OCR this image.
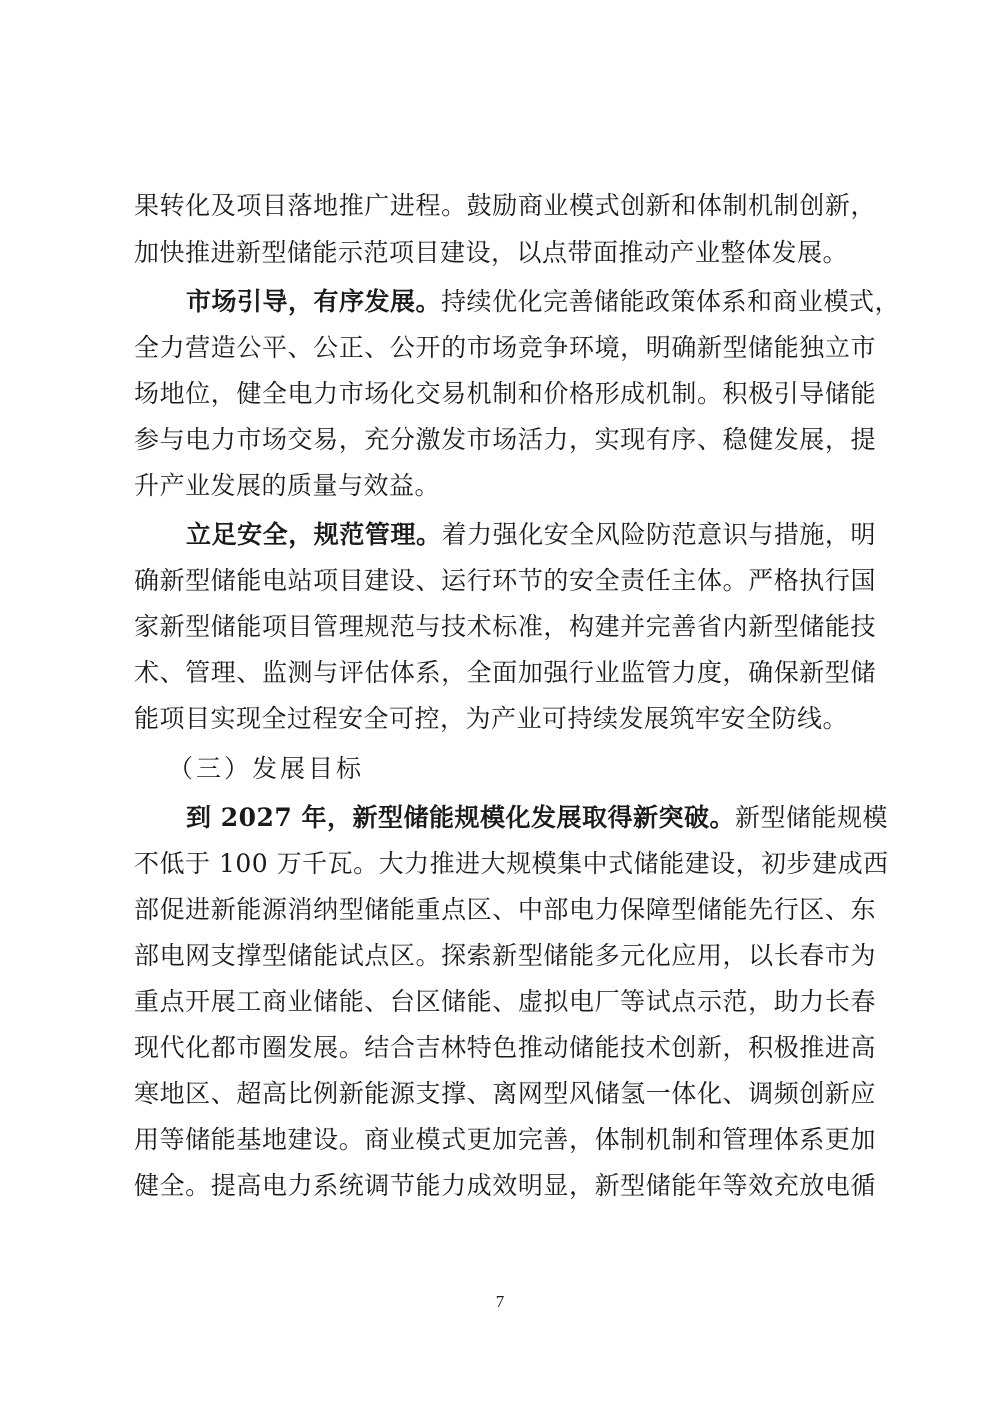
果转化及项目落地推广进程。鼓励商业模式创新和体制机制创新，
加快推进新型储能示范项目建设，以点带面推动产业整体发展。
市场引导，有序发展。持续优化完善储能政策体系和商业模式，
全力营造公平、公正、公开的市场竞争环境，明确新型储能独立市
场地位，健全电力市场化交易机制和价格形成机制。积极引导储能
参与电力市场交易，充分激发市场活力，实现有序、稳健发展，提
升产业发展的质量与效益。
立足安全，规范管理。着力强化安全风险防范意识与措施，明
确新型储能电站项目建设、运行环节的安全责任主体。严格执行国
家新型储能项目管理规范与技术标准，构建并完善省内新型储能技
术、管理、监测与评估体系，全面加强行业监管力度，确保新型储
能项目实现全过程安全可控，为产业可持续发展筑牢安全防线。
（三）发展目标
到 2027 年，新型储能规模化发展取得新突破。新型储能规模
不低于 100 万千瓦。大力推进大规模集中式储能建设，初步建成西
部促进新能源消纳型储能重点区、中部电力保障型储能先行区、东
部电网支撑型储能试点区。探索新型储能多元化应用，以长春市为
重点开展工商业储能、台区储能、虚拟电厂等试点示范，助力长春
现代化都市圈发展。结合吉林特色推动储能技术创新，积极推进高
寒地区、超高比例新能源支撑、离网型风储氢一体化、调频创新应
用等储能基地建设。商业模式更加完善，体制机制和管理体系更加
健全。提高电力系统调节能力成效明显，新型储能年等效充放电循
7
